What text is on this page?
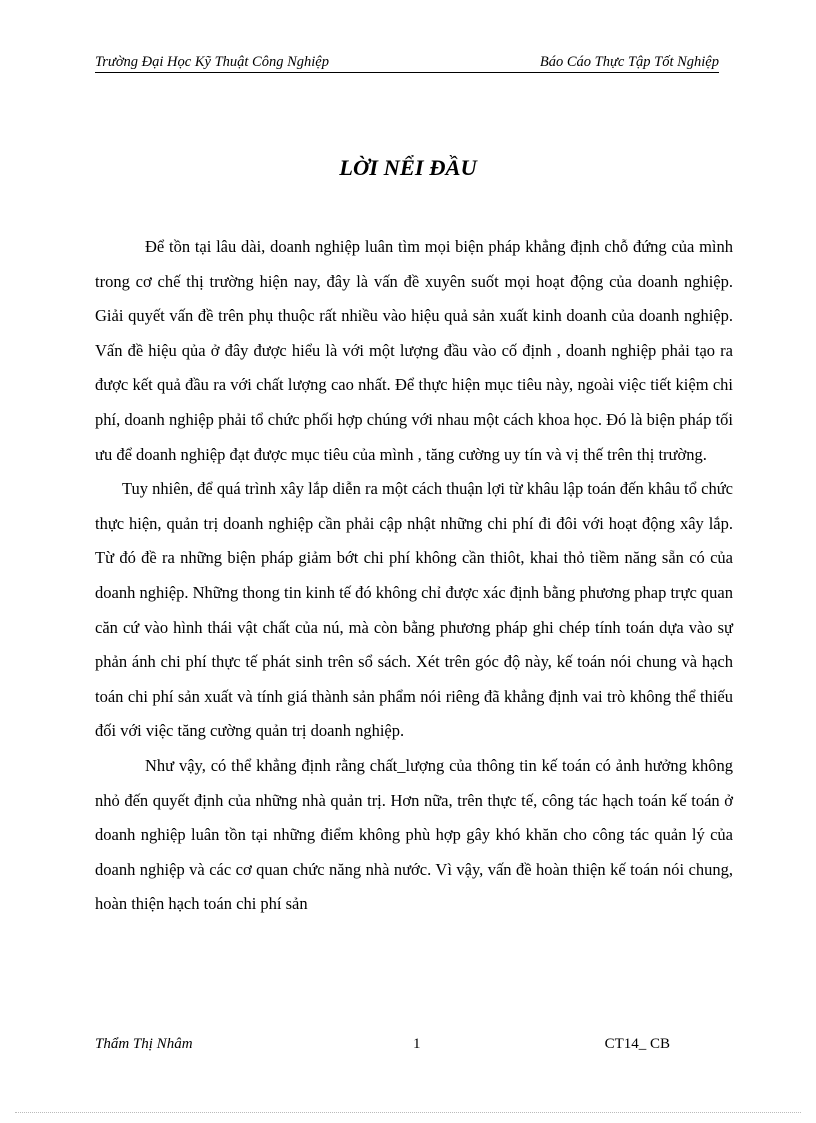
Trường Đại Học Kỹ Thuật Công Nghiệp	Báo Cáo Thực Tập Tốt Nghiệp
LỜI NỂI ĐẦU

Để tồn tại lâu dài, doanh nghiệp luân tìm mọi biện pháp khẳng định chỗ đứng của mình trong cơ chế thị trường hiện nay, đây là vấn đề xuyên suốt mọi hoạt động của doanh nghiệp. Giải quyết vấn đề trên phụ thuộc rất nhiều vào hiệu quả sản xuất kinh doanh của doanh nghiệp. Vấn đề hiệu qủa ở đây được hiểu là với một lượng đầu vào cố định , doanh nghiệp phải tạo ra được kết quả đầu ra với chất lượng cao nhất. Để thực hiện mục tiêu này, ngoài việc tiết kiệm chi phí, doanh nghiệp phải tổ chức phối hợp chúng với nhau một cách khoa học. Đó là biện pháp tối ưu để doanh nghiệp đạt được mục tiêu của mình , tăng cường uy tín và vị thế trên thị trường.

Tuy nhiên, để quá trình xây lắp diễn ra một cách thuận lợi từ khâu lập toán đến khâu tổ chức thực hiện, quản trị doanh nghiệp cần phải cập nhật những chi phí đi đôi với hoạt động xây lắp. Từ đó đề ra những biện pháp giảm bớt chi phí không cần thiôt, khai thỏ tiềm năng sẵn có của doanh nghiệp. Những thong tin kinh tế đó không chỉ được xác định bằng phương phap trực quan căn cứ vào hình thái vật chất của nú, mà còn bằng phương pháp ghi chép tính toán dựa vào sự phản ánh chi phí thực tế phát sinh trên sổ sách. Xét trên góc độ này, kế toán nói chung và hạch toán chi phí sản xuất và tính giá thành sản phẩm nói riêng đã khẳng định vai trò không thể thiếu đối với việc tăng cường quản trị doanh nghiệp.

Như vậy, có thể khẳng định rằng chất_lượng của thông tin kế toán có ảnh hưởng không nhỏ đến quyết định của những nhà quản trị. Hơn nữa, trên thực tế, công tác hạch toán kế toán ở doanh nghiệp luân tồn tại những điểm không phù hợp gây khó khăn cho công tác quản lý của doanh nghiệp và các cơ quan chức năng nhà nước. Vì vậy, vấn đề hoàn thiện kế toán nói chung, hoàn thiện hạch toán chi phí sản

Thẩm Thị Nhâm	1	CT14_ CB
